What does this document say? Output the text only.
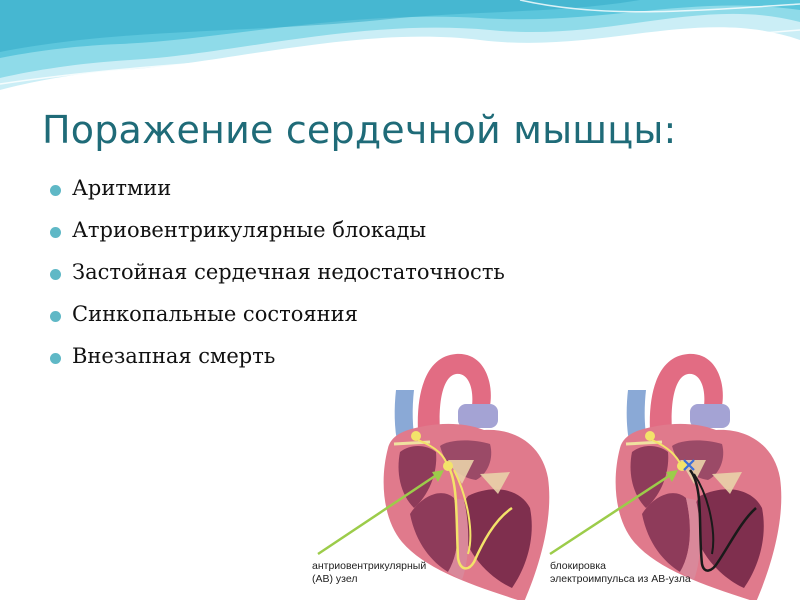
Поражение сердечной мышцы:
Аритмии
Атриовентрикулярные блокады
Застойная сердечная недостаточность
Синкопальные состояния
Внезапная смерть
антриовентрикулярный
(АВ) узел
блокировка
электроимпульса из АВ-узла
